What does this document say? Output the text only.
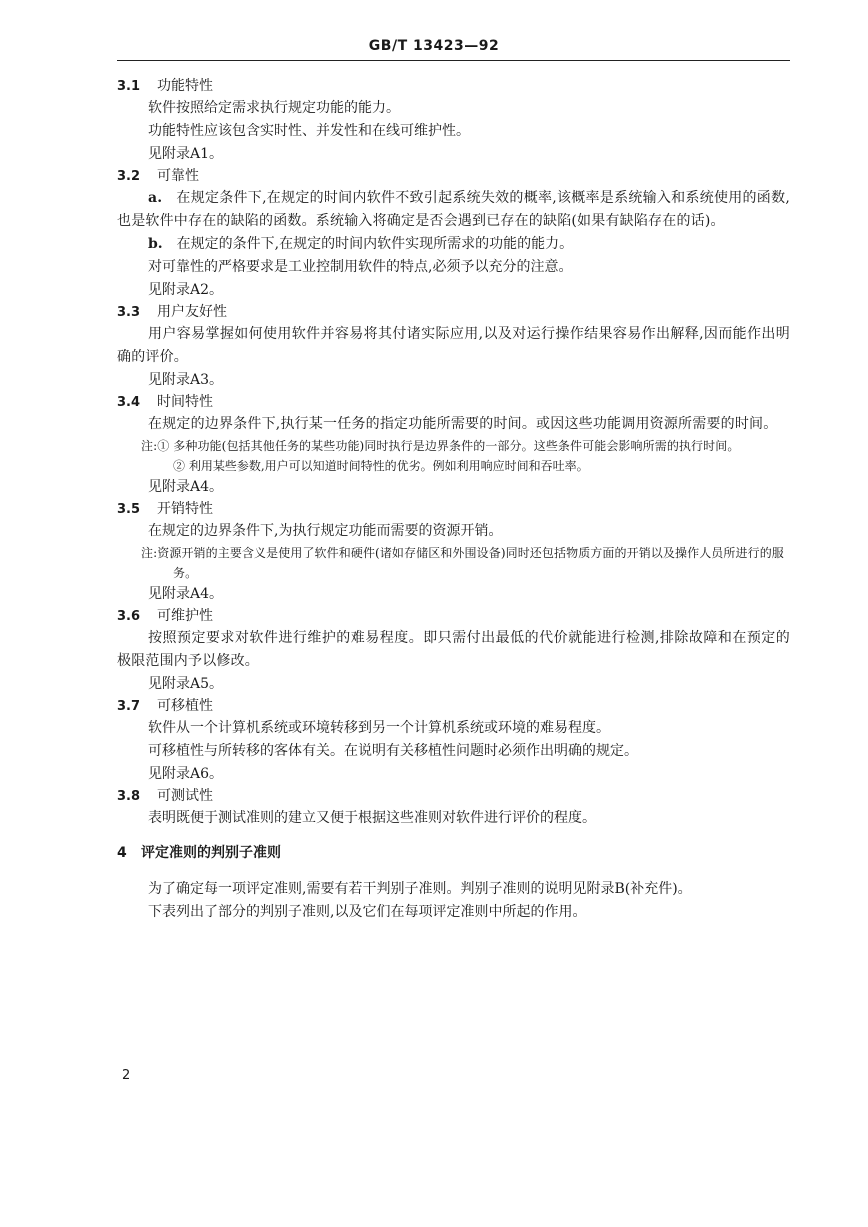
GB/T 13423—92
3.1 功能特性

软件按照给定需求执行规定功能的能力。

功能特性应该包含实时性、并发性和在线可维护性。

见附录A1。

3.2 可靠性

a. 在规定条件下,在规定的时间内软件不致引起系统失效的概率,该概率是系统输入和系统使用的函数,也是软件中存在的缺陷的函数。系统输入将确定是否会遇到已存在的缺陷(如果有缺陷存在的话)。

b. 在规定的条件下,在规定的时间内软件实现所需求的功能的能力。

对可靠性的严格要求是工业控制用软件的特点,必须予以充分的注意。

见附录A2。

3.3 用户友好性

用户容易掌握如何使用软件并容易将其付诸实际应用,以及对运行操作结果容易作出解释,因而能作出明确的评价。

见附录A3。

3.4 时间特性

在规定的边界条件下,执行某一任务的指定功能所需要的时间。或因这些功能调用资源所需要的时间。

注:① 多种功能(包括其他任务的某些功能)同时执行是边界条件的一部分。这些条件可能会影响所需的执行时间。

② 利用某些参数,用户可以知道时间特性的优劣。例如利用响应时间和吞吐率。

见附录A4。

3.5 开销特性

在规定的边界条件下,为执行规定功能而需要的资源开销。

注:资源开销的主要含义是使用了软件和硬件(诸如存储区和外围设备)同时还包括物质方面的开销以及操作人员所进行的服务。

见附录A4。

3.6 可维护性

按照预定要求对软件进行维护的难易程度。即只需付出最低的代价就能进行检测,排除故障和在预定的极限范围内予以修改。

见附录A5。

3.7 可移植性

软件从一个计算机系统或环境转移到另一个计算机系统或环境的难易程度。

可移植性与所转移的客体有关。在说明有关移植性问题时必须作出明确的规定。

见附录A6。

3.8 可测试性

表明既便于测试准则的建立又便于根据这些准则对软件进行评价的程度。

4 评定准则的判别子准则

为了确定每一项评定准则,需要有若干判别子准则。判别子准则的说明见附录B(补充件)。

下表列出了部分的判别子准则,以及它们在每项评定准则中所起的作用。

2
